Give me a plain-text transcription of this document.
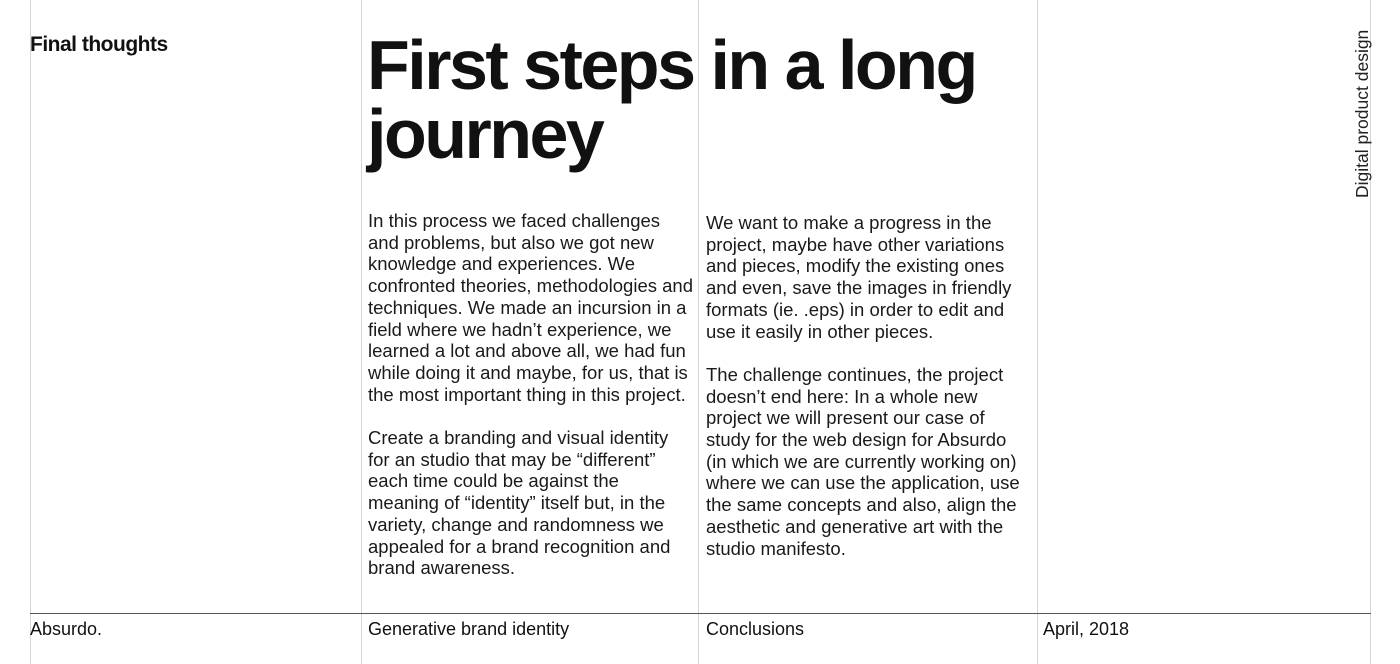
Final thoughts	First steps in a long journey

In this process we faced challenges and problems, but also we got new knowledge and experiences. We confronted theories, methodologies and techniques. We made an incursion in a field where we hadn’t experience, we learned a lot and above all, we had fun while doing it and maybe, for us, that is the most important thing in this project.

Create a branding and visual identity for an studio that may be “different” each time could be against the meaning of “identity” itself but, in the variety, change and randomness we appealed for a brand recognition and brand awareness.

We want to make a progress in the project, maybe have other variations and pieces, modify the existing ones and even, save the images in friendly formats (ie. .eps) in order to edit and use it easily in other pieces.

The challenge continues, the project doesn’t end here: In a whole new project we will present our case of study for the web design for Absurdo (in which we are currently working on) where we can use the application, use the same concepts and also, align the aesthetic and generative art with the studio manifesto.

Digital product design
Absurdo.	Generative brand identity	Conclusions	April, 2018
